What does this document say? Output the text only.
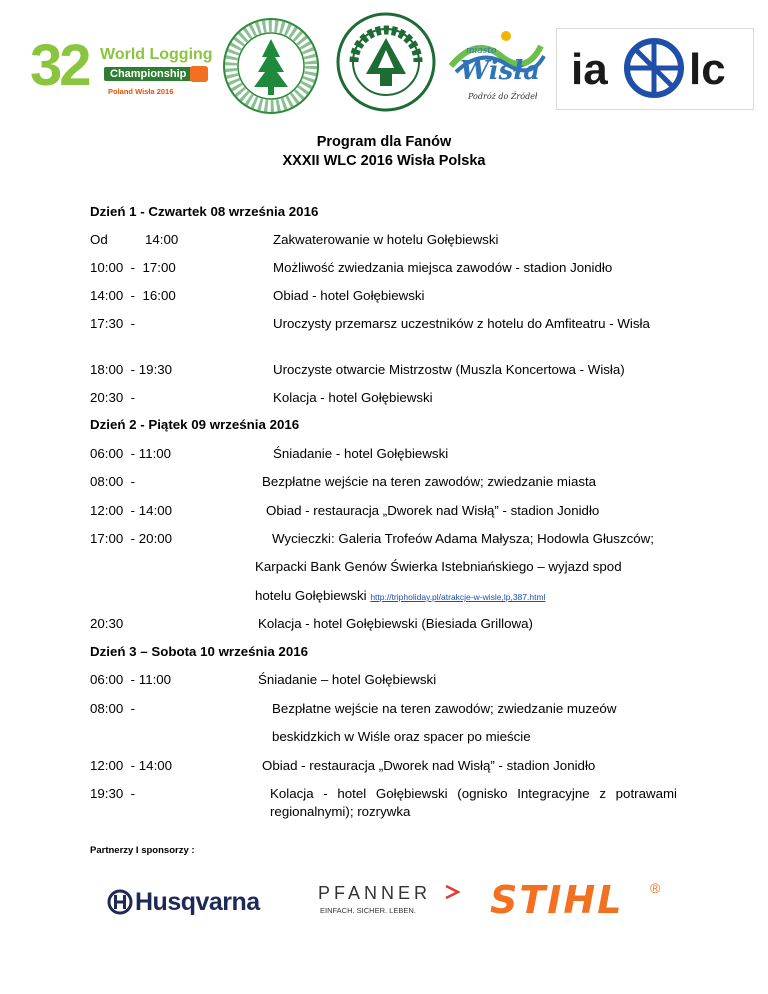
32 World Logging
Championship
Poland Wisła 2016
miasto
Wisła
Podróż do Źródeł
ia lc
Program dla Fanów
XXXII WLC 2016 Wisła Polska
Dzień 1 - Czwartek 08 września 2016
Od	14:00	Zakwaterowanie w hotelu Gołębiewski
10:00  -  17:00	Możliwość zwiedzania miejsca zawodów - stadion Jonidło
14:00  -  16:00	Obiad - hotel Gołębiewski
17:30  -	Uroczysty przemarsz uczestników z hotelu do Amfiteatru - Wisła
18:00  - 19:30	Uroczyste otwarcie Mistrzostw (Muszla Koncertowa - Wisła)
20:30  -	Kolacja - hotel Gołębiewski
Dzień 2 - Piątek 09 września 2016
06:00  - 11:00	Śniadanie - hotel Gołębiewski
08:00  -	Bezpłatne wejście na teren zawodów; zwiedzanie miasta
12:00  - 14:00	Obiad - restauracja „Dworek nad Wisłą” - stadion Jonidło
17:00  - 20:00	Wycieczki: Galeria Trofeów Adama Małysza; Hodowla Głuszców;
Karpacki Bank Genów Świerka Istebniańskiego – wyjazd spod
hotelu Gołębiewski http://tripholiday.pl/atrakcje-w-wisle,lp,387.html
20:30	Kolacja - hotel Gołębiewski (Biesiada Grillowa)
Dzień 3 – Sobota 10 września 2016
06:00  - 11:00	Śniadanie – hotel Gołębiewski
08:00  -	Bezpłatne wejście na teren zawodów; zwiedzanie muzeów
beskidzkich w Wiśle oraz spacer po mieście
12:00  - 14:00	Obiad - restauracja „Dworek nad Wisłą” - stadion Jonidło
19:30  -	Kolacja - hotel Gołębiewski (ognisko Integracyjne z potrawami regionalnymi); rozrywka
Partnerzy I sponsorzy :
Husqvarna	PFANNER
EINFACH. SICHER. LEBEN. STIHL ®
